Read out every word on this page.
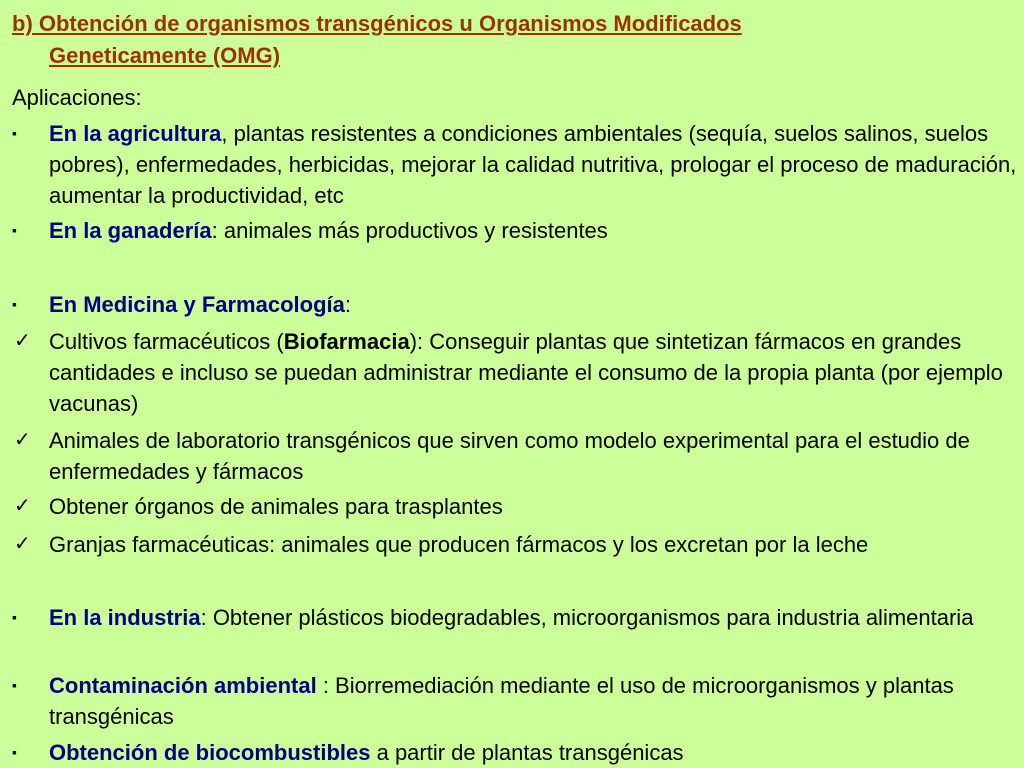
b) Obtención de organismos transgénicos u Organismos Modificados
Geneticamente (OMG)
Aplicaciones:
▪	En la agricultura, plantas resistentes a condiciones ambientales (sequía, suelos salinos, suelos pobres), enfermedades, herbicidas, mejorar la calidad nutritiva, prologar el proceso de maduración, aumentar la productividad, etc
▪	En la ganadería: animales más productivos y resistentes
▪	En Medicina y Farmacología:
✓ Cultivos farmacéuticos (Biofarmacia): Conseguir plantas que sintetizan fármacos en grandes cantidades e incluso se puedan administrar mediante el consumo de la propia planta (por ejemplo vacunas)
✓ Animales de laboratorio transgénicos que sirven como modelo experimental para el estudio de enfermedades y fármacos
✓ Obtener órganos de animales para trasplantes
✓ Granjas farmacéuticas: animales que producen fármacos y los excretan por la leche
▪	En la industria: Obtener plásticos biodegradables, microorganismos para industria alimentaria
▪	Contaminación ambiental : Biorremediación mediante el uso de microorganismos y plantas transgénicas
▪	Obtención de biocombustibles a partir de plantas transgénicas
